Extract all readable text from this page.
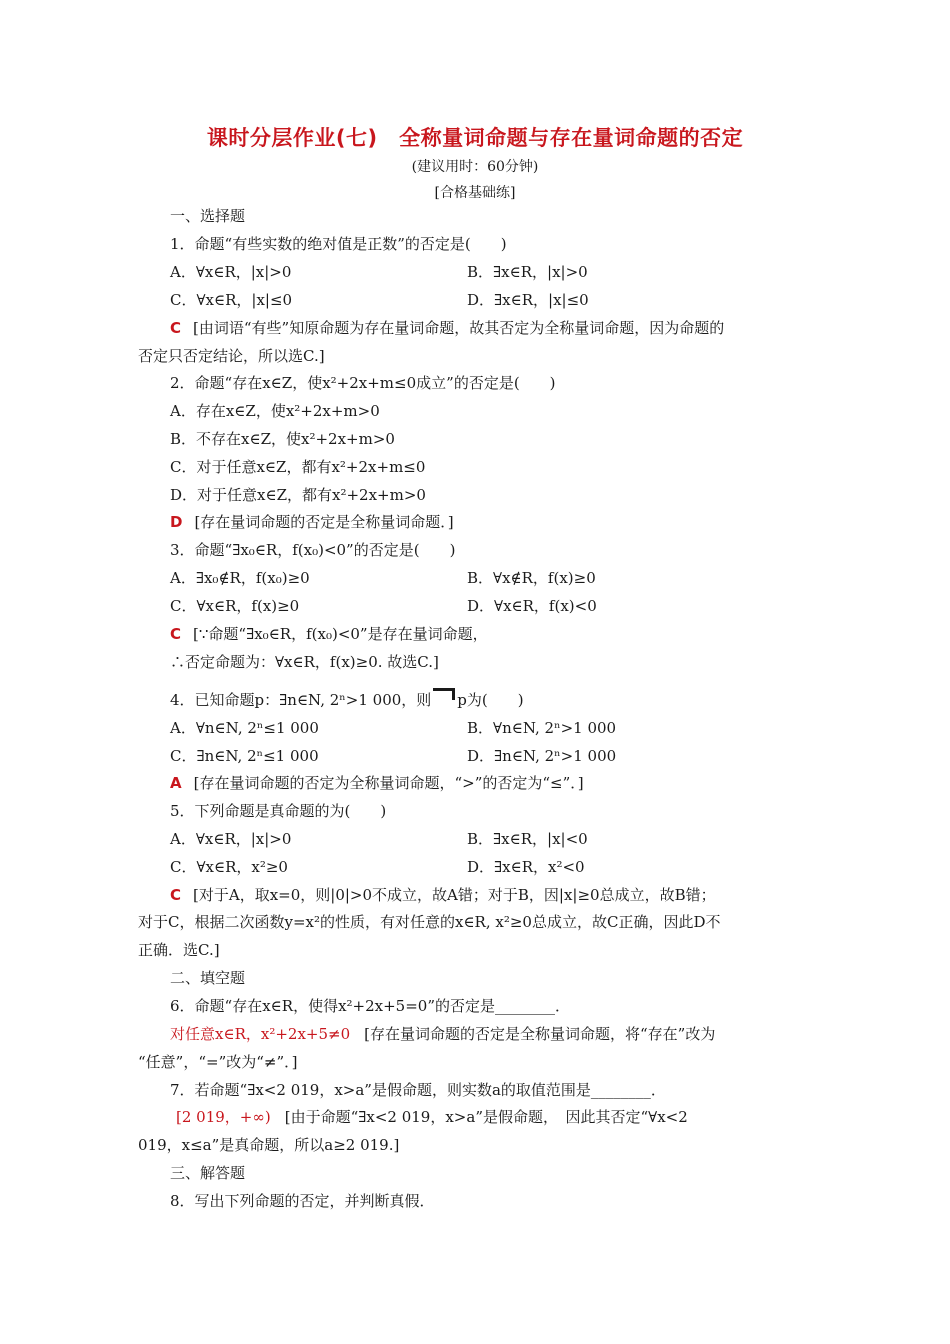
课时分层作业(七)　全称量词命题与存在量词命题的否定
(建议用时：60分钟)
[合格基础练]
一、选择题
1．命题“有些实数的绝对值是正数”的否定是(　　)
A．∀x∈R，|x|>0	B．∃x∈R，|x|>0
C．∀x∈R，|x|≤0	D．∃x∈R，|x|≤0
C [由词语“有些”知原命题为存在量词命题，故其否定为全称量词命题，因为命题的
否定只否定结论，所以选C.]
2．命题“存在x∈Z，使x²+2x+m≤0成立”的否定是(　　)
A．存在x∈Z，使x²+2x+m>0
B．不存在x∈Z，使x²+2x+m>0
C．对于任意x∈Z，都有x²+2x+m≤0
D．对于任意x∈Z，都有x²+2x+m>0
D [存在量词命题的否定是全称量词命题．]
3．命题“∃x₀∈R，f(x₀)<0”的否定是(　　)
A．∃x₀∉R，f(x₀)≥0	B．∀x∉R，f(x)≥0
C．∀x∈R，f(x)≥0	D．∀x∈R，f(x)<0
C [∵命题“∃x₀∈R，f(x₀)<0”是存在量词命题，
∴否定命题为：∀x∈R，f(x)≥0. 故选C.]
4．已知命题p：∃n∈N, 2ⁿ>1 000，则 p为(　　)
A．∀n∈N, 2ⁿ≤1 000	B．∀n∈N, 2ⁿ>1 000
C．∃n∈N, 2ⁿ≤1 000	D．∃n∈N, 2ⁿ>1 000
A [存在量词命题的否定为全称量词命题，“>”的否定为“≤”．]
5．下列命题是真命题的为(　　)
A．∀x∈R，|x|>0	B．∃x∈R，|x|<0
C．∀x∈R，x²≥0	D．∃x∈R，x²<0
C [对于A，取x=0，则|0|>0不成立，故A错；对于B，因|x|≥0总成立，故B错；
对于C，根据二次函数y=x²的性质，有对任意的x∈R, x²≥0总成立，故C正确，因此D不
正确．选C.]
二、填空题
6．命题“存在x∈R，使得x²+2x+5=0”的否定是________．
对任意x∈R，x²+2x+5≠0 [存在量词命题的否定是全称量词命题，将“存在”改为
“任意”，“=”改为“≠”．]
7．若命题“∃x<2 019，x>a”是假命题，则实数a的取值范围是________．
[2 019，+∞) [由于命题“∃x<2 019，x>a”是假命题，　因此其否定“∀x<2
019，x≤a”是真命题，所以a≥2 019.]
三、解答题
8．写出下列命题的否定，并判断真假．
